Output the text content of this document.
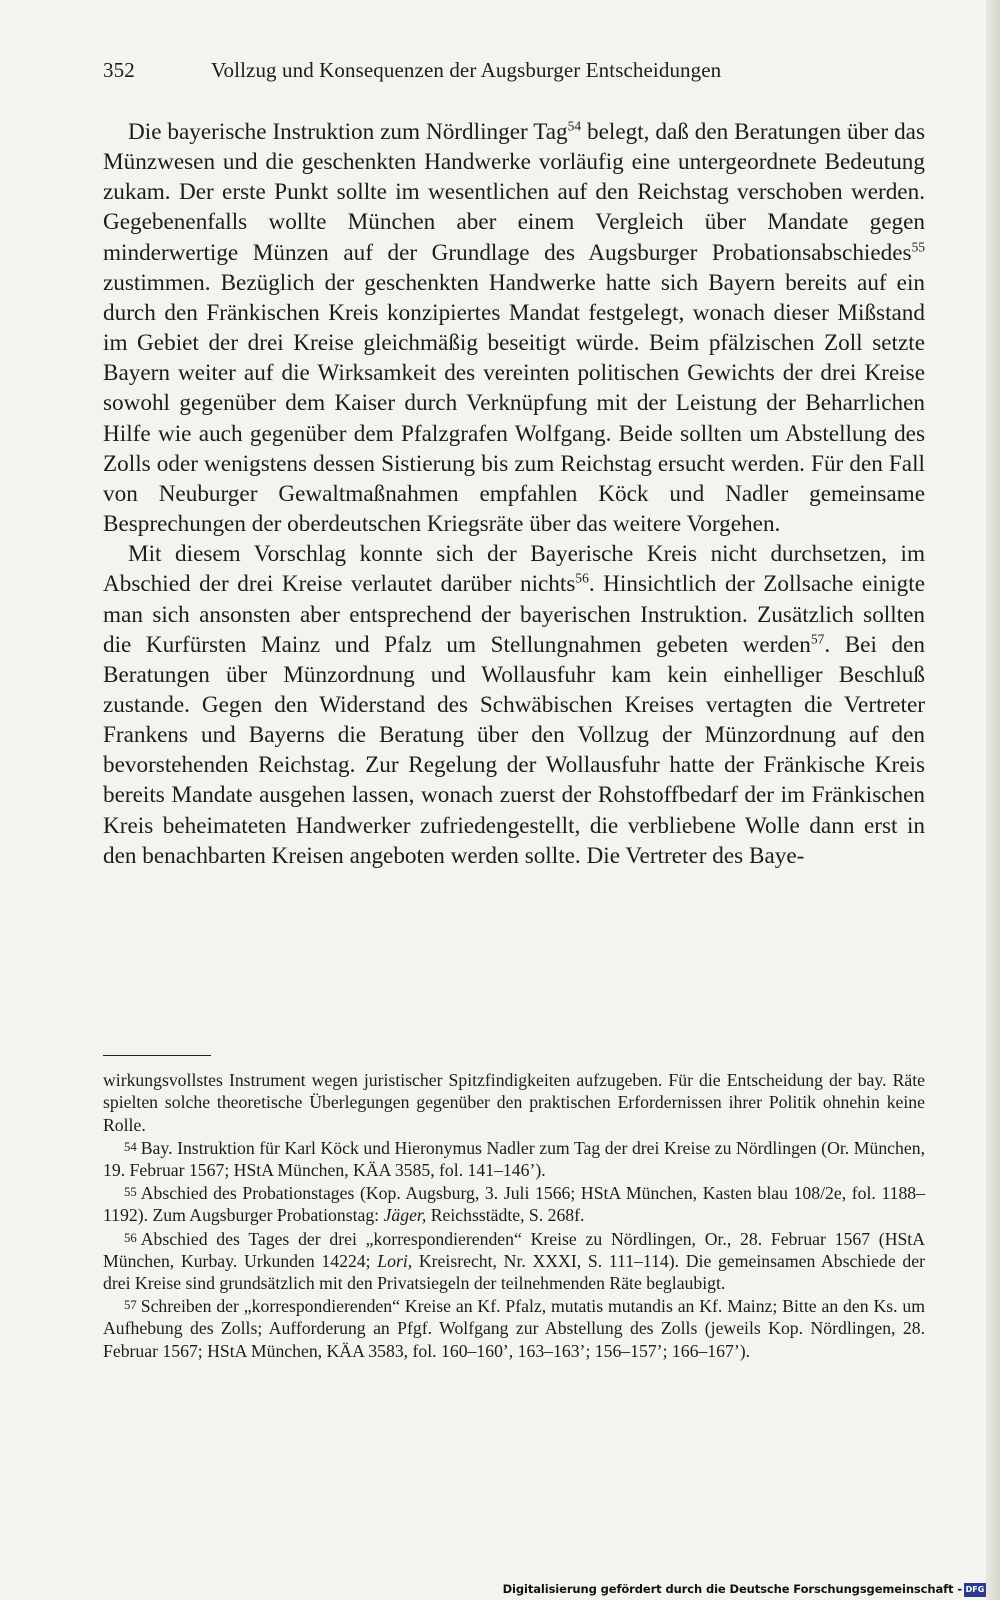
352	Vollzug und Konsequenzen der Augsburger Entscheidungen

Die bayerische Instruktion zum Nördlinger Tag$^{54}$ belegt, daß den Beratungen über das Münzwesen und die geschenkten Handwerke vorläufig eine untergeordnete Bedeutung zukam. Der erste Punkt sollte im wesentlichen auf den Reichstag verschoben werden. Gegebenenfalls wollte München aber einem Vergleich über Mandate gegen minderwertige Münzen auf der Grundlage des Augsburger Probationsabschiedes$^{55}$ zustimmen. Bezüglich der geschenkten Handwerke hatte sich Bayern bereits auf ein durch den Fränkischen Kreis konzipiertes Mandat festgelegt, wonach dieser Mißstand im Gebiet der drei Kreise gleichmäßig beseitigt würde. Beim pfälzischen Zoll setzte Bayern weiter auf die Wirksamkeit des vereinten politischen Gewichts der drei Kreise sowohl gegenüber dem Kaiser durch Verknüpfung mit der Leistung der Beharrlichen Hilfe wie auch gegenüber dem Pfalzgrafen Wolfgang. Beide sollten um Abstellung des Zolls oder wenigstens dessen Sistierung bis zum Reichstag ersucht werden. Für den Fall von Neuburger Gewaltmaßnahmen empfahlen Köck und Nadler gemeinsame Besprechungen der oberdeutschen Kriegsräte über das weitere Vorgehen.

Mit diesem Vorschlag konnte sich der Bayerische Kreis nicht durchsetzen, im Abschied der drei Kreise verlautet darüber nichts$^{56}$. Hinsichtlich der Zollsache einigte man sich ansonsten aber entsprechend der bayerischen Instruktion. Zusätzlich sollten die Kurfürsten Mainz und Pfalz um Stellungnahmen gebeten werden$^{57}$. Bei den Beratungen über Münzordnung und Wollausfuhr kam kein einhelliger Beschluß zustande. Gegen den Widerstand des Schwäbischen Kreises vertagten die Vertreter Frankens und Bayerns die Beratung über den Vollzug der Münzordnung auf den bevorstehenden Reichstag. Zur Regelung der Wollausfuhr hatte der Fränkische Kreis bereits Mandate ausgehen lassen, wonach zuerst der Rohstoffbedarf der im Fränkischen Kreis beheimateten Handwerker zufriedengestellt, die verbliebene Wolle dann erst in den benachbarten Kreisen angeboten werden sollte. Die Vertreter des Baye-

wirkungsvollstes Instrument wegen juristischer Spitzfindigkeiten aufzugeben. Für die Entscheidung der bay. Räte spielten solche theoretische Überlegungen gegenüber den praktischen Erfordernissen ihrer Politik ohnehin keine Rolle.

54 Bay. Instruktion für Karl Köck und Hieronymus Nadler zum Tag der drei Kreise zu Nördlingen (Or. München, 19. Februar 1567; HStA München, KÄA 3585, fol. 141–146’).

55 Abschied des Probationstages (Kop. Augsburg, 3. Juli 1566; HStA München, Kasten blau 108/2e, fol. 1188–1192). Zum Augsburger Probationstag: Jäger, Reichsstädte, S. 268f.

56 Abschied des Tages der drei „korrespondierenden“ Kreise zu Nördlingen, Or., 28. Februar 1567 (HStA München, Kurbay. Urkunden 14224; Lori, Kreisrecht, Nr. XXXI, S. 111–114). Die gemeinsamen Abschiede der drei Kreise sind grundsätzlich mit den Privatsiegeln der teilnehmenden Räte beglaubigt.

57 Schreiben der „korrespondierenden“ Kreise an Kf. Pfalz, mutatis mutandis an Kf. Mainz; Bitte an den Ks. um Aufhebung des Zolls; Aufforderung an Pfgf. Wolfgang zur Abstellung des Zolls (jeweils Kop. Nördlingen, 28. Februar 1567; HStA München, KÄA 3583, fol. 160–160’, 163–163’; 156–157’; 166–167’).

Digitalisierung gefördert durch die Deutsche Forschungsgemeinschaft - DFG
